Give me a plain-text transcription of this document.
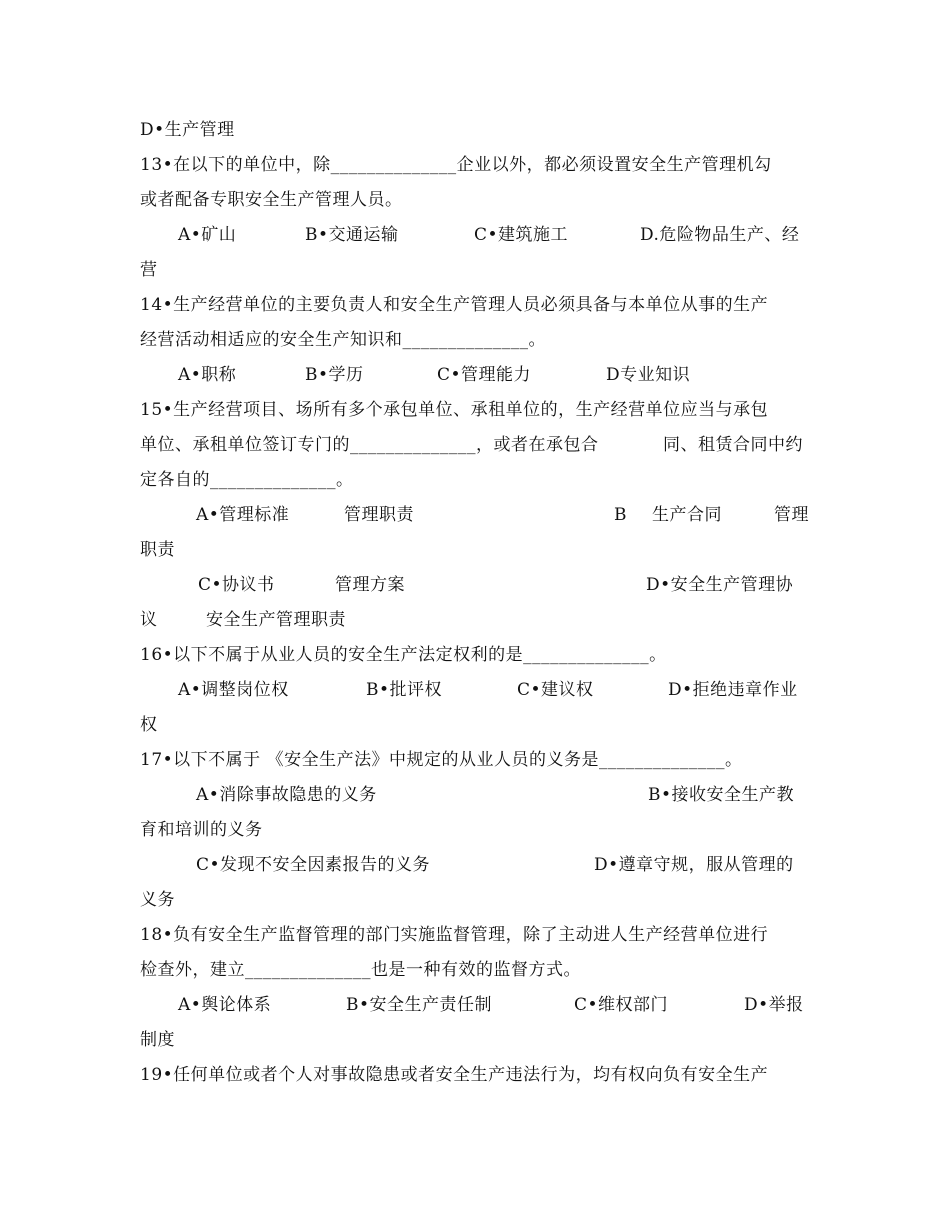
D•生产管理
13•在以下的单位中，除______________企业以外，都必须设置安全生产管理机勾
或者配备专职安全生产管理人员。
A•矿山	B•交通运输	C•建筑施工	D.危险物品生产、经
营
14•生产经营单位的主要负责人和安全生产管理人员必须具备与本单位从事的生产
经营活动相适应的安全生产知识和______________。
A•职称	B•学历	C•管理能力	D专业知识
15•生产经营项目、场所有多个承包单位、承租单位的，生产经营单位应当与承包
单位、承租单位签订专门的______________，或者在承包合	同、租赁合同中约
定各自的______________。
A•管理标准	管理职责	B 生产合同	管理
职责
C•协议书	管理方案	D•安全生产管理协
议	安全生产管理职责
16•以下不属于从业人员的安全生产法定权利的是______________。
A•调整岗位权	B•批评权	C•建议权	D•拒绝违章作业
权
17•以下不属于 《安全生产法》中规定的从业人员的义务是______________。
A•消除事故隐患的义务	B•接收安全生产教
育和培训的义务
C•发现不安全因素报告的义务	D•遵章守规，服从管理的
义务
18•负有安全生产监督管理的部门实施监督管理，除了主动进人生产经营单位进行
检查外，建立______________也是一种有效的监督方式。
A•舆论体系	B•安全生产责任制	C•维权部门	D•举报
制度
19•任何单位或者个人对事故隐患或者安全生产违法行为，均有权向负有安全生产
